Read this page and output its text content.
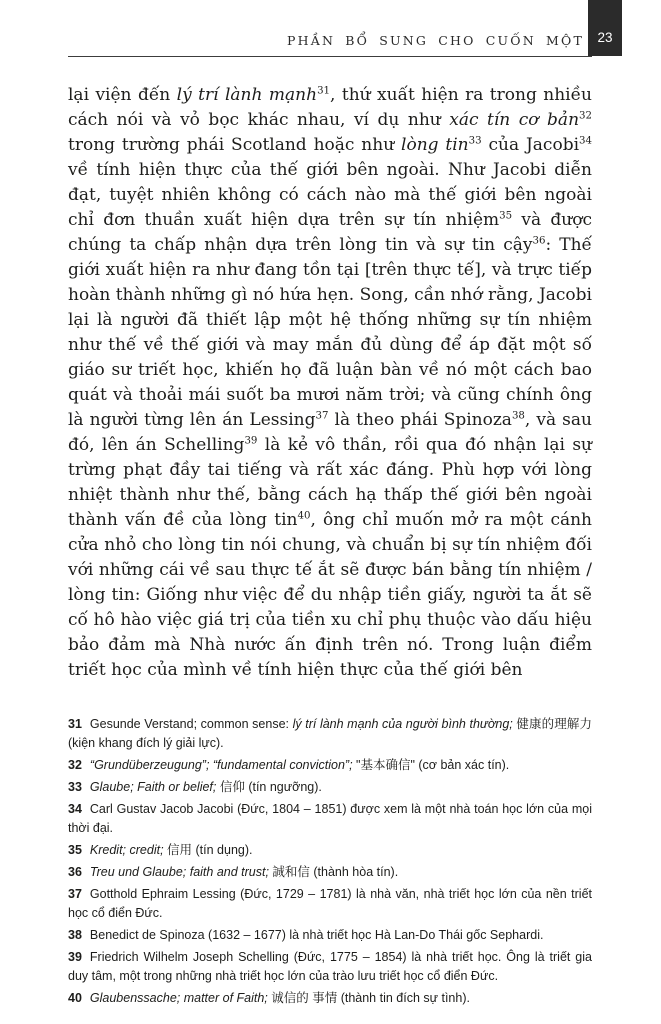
PHẦN BỔ SUNG CHO CUỐN MỘT 23

lại viện đến lý trí lành mạnh$^{31}$, thứ xuất hiện ra trong nhiều cách nói và vỏ bọc khác nhau, ví dụ như xác tín cơ bản$^{32}$ trong trường phái Scotland hoặc như lòng tin$^{33}$ của Jacobi$^{34}$ về tính hiện thực của thế giới bên ngoài. Như Jacobi diễn đạt, tuyệt nhiên không có cách nào mà thế giới bên ngoài chỉ đơn thuần xuất hiện dựa trên sự tín nhiệm$^{35}$ và được chúng ta chấp nhận dựa trên lòng tin và sự tin cậy$^{36}$: Thế giới xuất hiện ra như đang tồn tại [trên thực tế], và trực tiếp hoàn thành những gì nó hứa hẹn. Song, cần nhớ rằng, Jacobi lại là người đã thiết lập một hệ thống những sự tín nhiệm như thế về thế giới và may mắn đủ dùng để áp đặt một số giáo sư triết học, khiến họ đã luận bàn về nó một cách bao quát và thoải mái suốt ba mươi năm trời; và cũng chính ông là người từng lên án Lessing$^{37}$ là theo phái Spinoza$^{38}$, và sau đó, lên án Schelling$^{39}$ là kẻ vô thần, rồi qua đó nhận lại sự trừng phạt đầy tai tiếng và rất xác đáng. Phù hợp với lòng nhiệt thành như thế, bằng cách hạ thấp thế giới bên ngoài thành vấn đề của lòng tin$^{40}$, ông chỉ muốn mở ra một cánh cửa nhỏ cho lòng tin nói chung, và chuẩn bị sự tín nhiệm đối với những cái về sau thực tế ắt sẽ được bán bằng tín nhiệm / lòng tin: Giống như việc để du nhập tiền giấy, người ta ắt sẽ cố hô hào việc giá trị của tiền xu chỉ phụ thuộc vào dấu hiệu bảo đảm mà Nhà nước ấn định trên nó. Trong luận điểm triết học của mình về tính hiện thực của thế giới bên

31 Gesunde Verstand; common sense: lý trí lành mạnh của người bình thường; 健康的理解力 (kiện khang đích lý giải lực).

32 “Grundüberzeugung”; “fundamental conviction”; "基本确信" (cơ bản xác tín).

33 Glaube; Faith or belief; 信仰 (tín ngưỡng).

34 Carl Gustav Jacob Jacobi (Đức, 1804 – 1851) được xem là một nhà toán học lớn của mọi thời đại.

35 Kredit; credit; 信用 (tín dụng).

36 Treu und Glaube; faith and trust; 誠和信 (thành hòa tín).

37 Gotthold Ephraim Lessing (Đức, 1729 – 1781) là nhà văn, nhà triết học lớn của nền triết học cổ điển Đức.

38 Benedict de Spinoza (1632 – 1677) là nhà triết học Hà Lan-Do Thái gốc Sephardi.

39 Friedrich Wilhelm Joseph Schelling (Đức, 1775 – 1854) là nhà triết học. Ông là triết gia duy tâm, một trong những nhà triết học lớn của trào lưu triết học cổ điển Đức.

40 Glaubenssache; matter of Faith; 诚信的 事情 (thành tin đích sự tình).
